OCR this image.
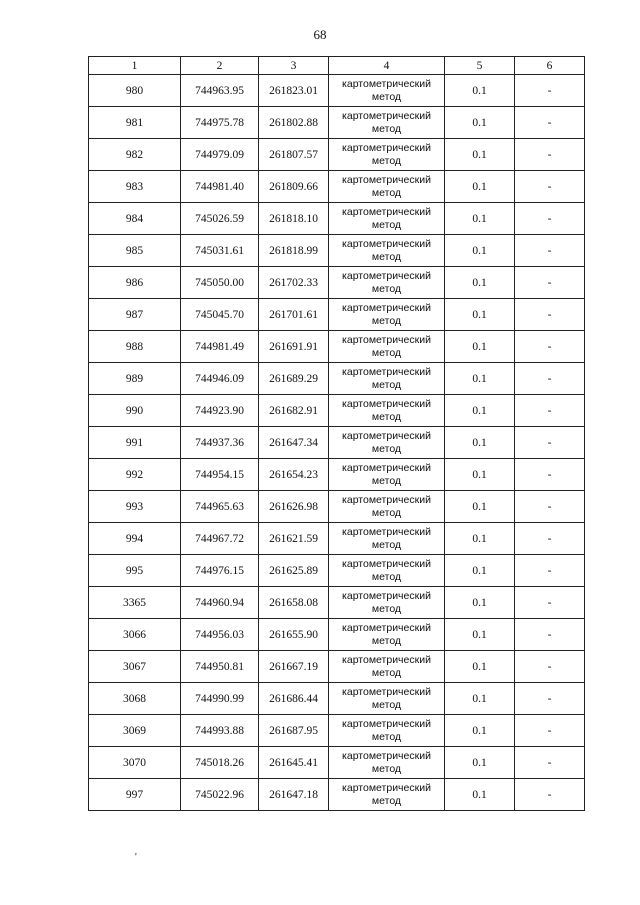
68
1	2	3	4	5	6
980	744963.95	261823.01	картометрический метод	0.1	-
981	744975.78	261802.88	картометрический метод	0.1	-
982	744979.09	261807.57	картометрический метод	0.1	-
983	744981.40	261809.66	картометрический метод	0.1	-
984	745026.59	261818.10	картометрический метод	0.1	-
985	745031.61	261818.99	картометрический метод	0.1	-
986	745050.00	261702.33	картометрический метод	0.1	-
987	745045.70	261701.61	картометрический метод	0.1	-
988	744981.49	261691.91	картометрический метод	0.1	-
989	744946.09	261689.29	картометрический метод	0.1	-
990	744923.90	261682.91	картометрический метод	0.1	-
991	744937.36	261647.34	картометрический метод	0.1	-
992	744954.15	261654.23	картометрический метод	0.1	-
993	744965.63	261626.98	картометрический метод	0.1	-
994	744967.72	261621.59	картометрический метод	0.1	-
995	744976.15	261625.89	картометрический метод	0.1	-
3365	744960.94	261658.08	картометрический метод	0.1	-
3066	744956.03	261655.90	картометрический метод	0.1	-
3067	744950.81	261667.19	картометрический метод	0.1	-
3068	744990.99	261686.44	картометрический метод	0.1	-
3069	744993.88	261687.95	картометрический метод	0.1	-
3070	745018.26	261645.41	картометрический метод	0.1	-
997	745022.96	261647.18	картометрический метод	0.1	-
'
